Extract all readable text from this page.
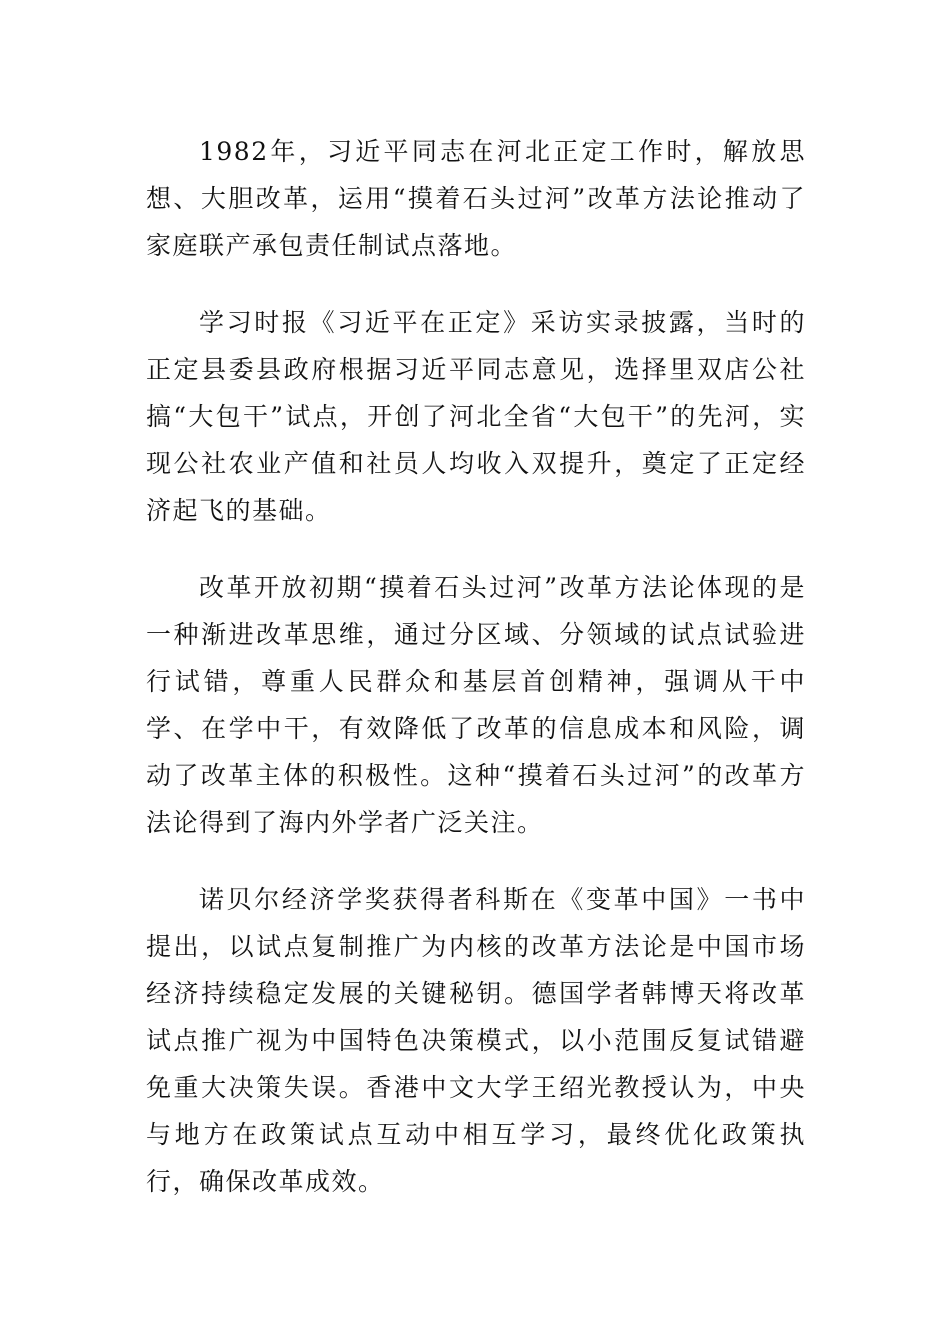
1982年，习近平同志在河北正定工作时，解放思想、大胆改革，运用“摸着石头过河”改革方法论推动了家庭联产承包责任制试点落地。

学习时报《习近平在正定》采访实录披露，当时的正定县委县政府根据习近平同志意见，选择里双店公社搞“大包干”试点，开创了河北全省“大包干”的先河，实现公社农业产值和社员人均收入双提升，奠定了正定经济起飞的基础。

改革开放初期“摸着石头过河”改革方法论体现的是一种渐进改革思维，通过分区域、分领域的试点试验进行试错，尊重人民群众和基层首创精神，强调从干中学、在学中干，有效降低了改革的信息成本和风险，调动了改革主体的积极性。这种“摸着石头过河”的改革方法论得到了海内外学者广泛关注。

诺贝尔经济学奖获得者科斯在《变革中国》一书中提出，以试点复制推广为内核的改革方法论是中国市场经济持续稳定发展的关键秘钥。德国学者韩博天将改革试点推广视为中国特色决策模式，以小范围反复试错避免重大决策失误。香港中文大学王绍光教授认为，中央与地方在政策试点互动中相互学习，最终优化政策执行，确保改革成效。
